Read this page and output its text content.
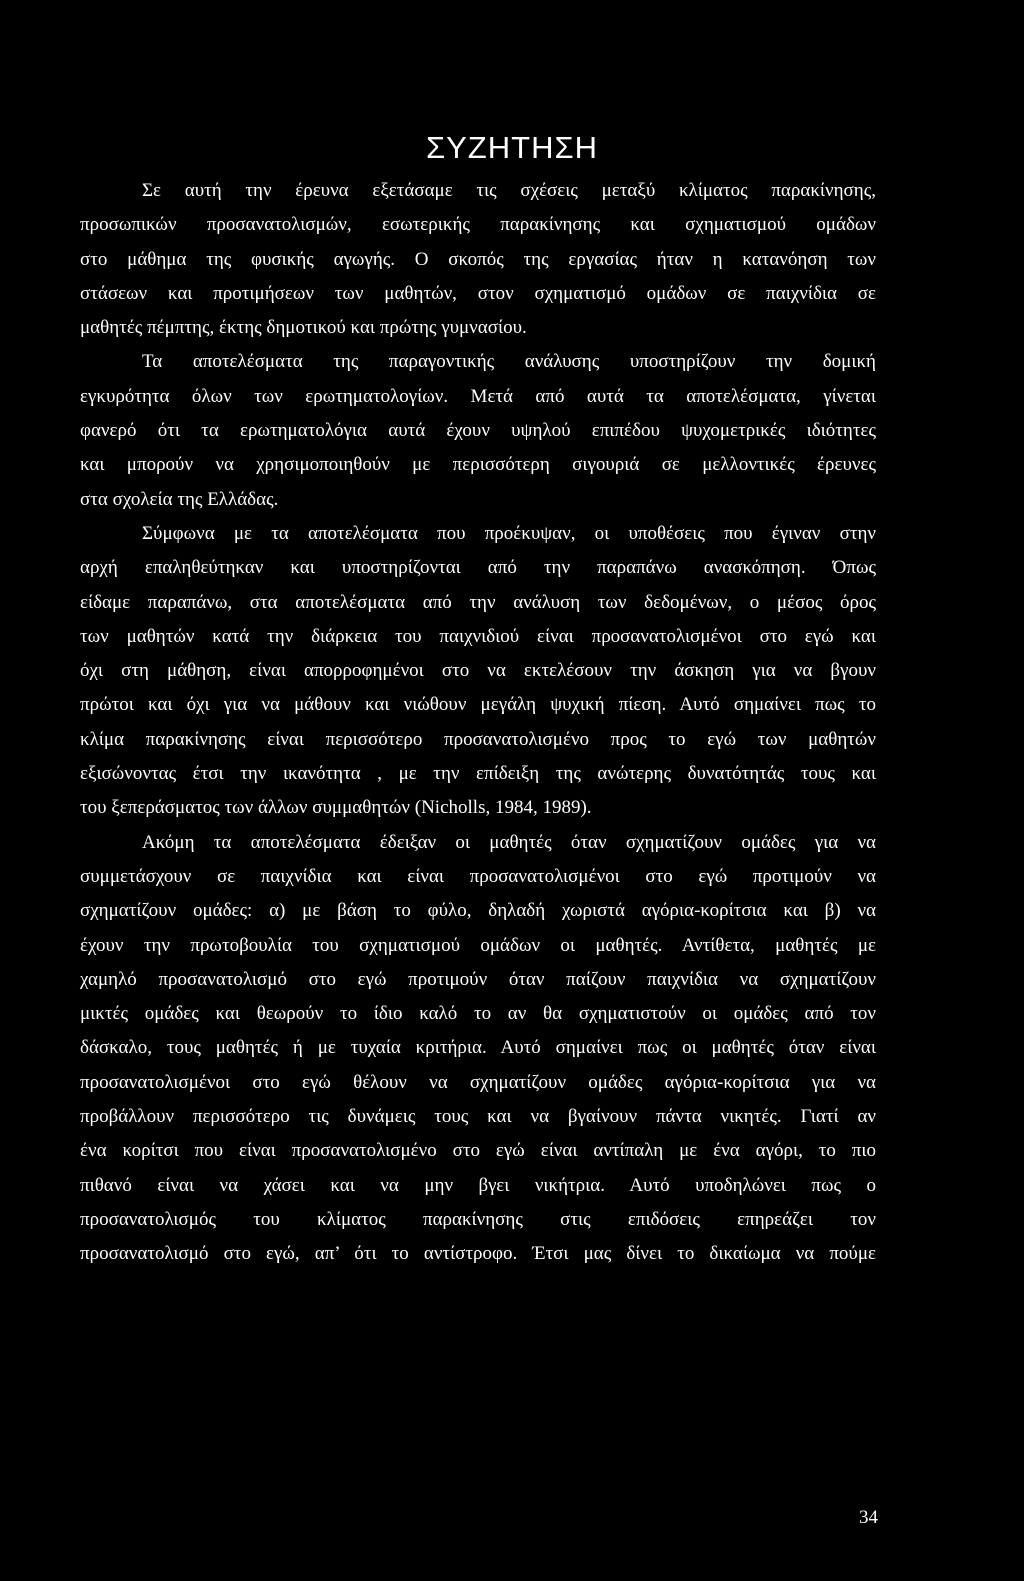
ΣΥΖΗΤΗΣΗ
Σε αυτή την έρευνα εξετάσαμε τις σχέσεις μεταξύ κλίματος παρακίνησης,
προσωπικών προσανατολισμών, εσωτερικής παρακίνησης και σχηματισμού ομάδων
στο μάθημα της φυσικής αγωγής. Ο σκοπός της εργασίας ήταν η κατανόηση των
στάσεων και προτιμήσεων των μαθητών, στον σχηματισμό ομάδων σε παιχνίδια σε
μαθητές πέμπτης, έκτης δημοτικού και πρώτης γυμνασίου.
Τα αποτελέσματα της παραγοντικής ανάλυσης υποστηρίζουν την δομική
εγκυρότητα όλων των ερωτηματολογίων. Μετά από αυτά τα αποτελέσματα, γίνεται
φανερό ότι τα ερωτηματολόγια αυτά έχουν υψηλού επιπέδου ψυχομετρικές ιδιότητες
και μπορούν να χρησιμοποιηθούν με περισσότερη σιγουριά σε μελλοντικές έρευνες
στα σχολεία της Ελλάδας.
Σύμφωνα με τα αποτελέσματα που προέκυψαν, οι υποθέσεις που έγιναν στην
αρχή επαληθεύτηκαν και υποστηρίζονται από την παραπάνω ανασκόπηση. Όπως
είδαμε παραπάνω, στα αποτελέσματα από την ανάλυση των δεδομένων, ο μέσος όρος
των μαθητών κατά την διάρκεια του παιχνιδιού είναι προσανατολισμένοι στο εγώ και
όχι στη μάθηση, είναι απορροφημένοι στο να εκτελέσουν την άσκηση για να βγουν
πρώτοι και όχι για να μάθουν και νιώθουν μεγάλη ψυχική πίεση. Αυτό σημαίνει πως το
κλίμα παρακίνησης είναι περισσότερο προσανατολισμένο προς το εγώ των μαθητών
εξισώνοντας έτσι την ικανότητα , με την επίδειξη της ανώτερης δυνατότητάς τους και
του ξεπεράσματος των άλλων συμμαθητών (Nicholls, 1984, 1989).
Ακόμη τα αποτελέσματα έδειξαν οι μαθητές όταν σχηματίζουν ομάδες για να
συμμετάσχουν σε παιχνίδια και είναι προσανατολισμένοι στο εγώ προτιμούν να
σχηματίζουν ομάδες: α) με βάση το φύλο, δηλαδή χωριστά αγόρια-κορίτσια και β) να
έχουν την πρωτοβουλία του σχηματισμού ομάδων οι μαθητές. Αντίθετα, μαθητές με
χαμηλό προσανατολισμό στο εγώ προτιμούν όταν παίζουν παιχνίδια να σχηματίζουν
μικτές ομάδες και θεωρούν το ίδιο καλό το αν θα σχηματιστούν οι ομάδες από τον
δάσκαλο, τους μαθητές ή με τυχαία κριτήρια. Αυτό σημαίνει πως οι μαθητές όταν είναι
προσανατολισμένοι στο εγώ θέλουν να σχηματίζουν ομάδες αγόρια-κορίτσια για να
προβάλλουν περισσότερο τις δυνάμεις τους και να βγαίνουν πάντα νικητές. Γιατί αν
ένα κορίτσι που είναι προσανατολισμένο στο εγώ είναι αντίπαλη με ένα αγόρι, το πιο
πιθανό είναι να χάσει και να μην βγει νικήτρια. Αυτό υποδηλώνει πως ο
προσανατολισμός του κλίματος παρακίνησης στις επιδόσεις επηρεάζει τον
προσανατολισμό στο εγώ, απ’ ότι το αντίστροφο. Έτσι μας δίνει το δικαίωμα να πούμε
34
